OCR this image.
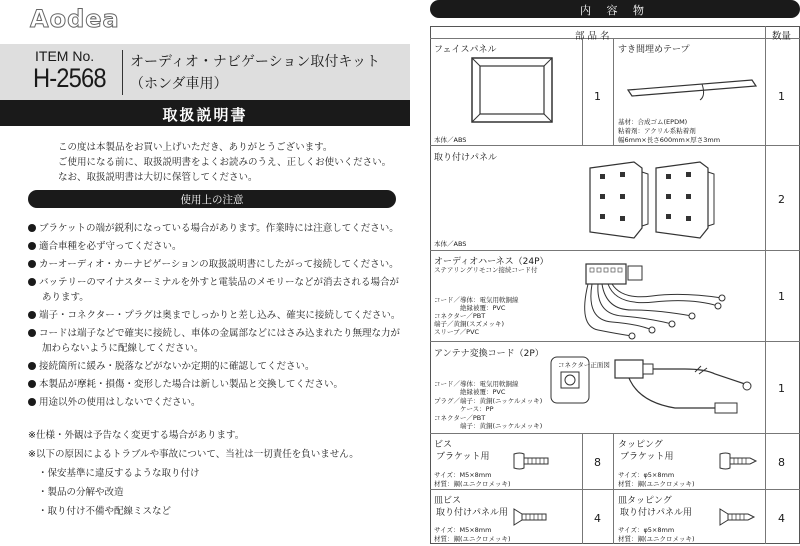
Aodea
ITEM No.
H-2568
オーディオ・ナビゲーション取付キット
（ホンダ車用）
取扱説明書
この度は本製品をお買い上げいただき、ありがとうございます。
ご使用になる前に、取扱説明書をよくお読みのうえ、正しくお使いください。
なお、取扱説明書は大切に保管してください。
使用上の注意
ブラケットの端が鋭利になっている場合があります。作業時には注意してください。
適合車種を必ず守ってください。
カーオーディオ・カーナビゲーションの取扱説明書にしたがって接続してください。
バッテリーのマイナスターミナルを外すと電装品のメモリーなどが消去される場合が
あります。
端子・コネクター・プラグは奥までしっかりと差し込み、確実に接続してください。
コードは端子などで確実に接続し、車体の金属部などにはさみ込まれたり無理な力が
加わらないように配線してください。
接続箇所に緩み・脱落などがないか定期的に確認してください。
本製品が摩耗・損傷・変形した場合は新しい製品と交換してください。
用途以外の使用はしないでください。
※仕様・外観は予告なく変更する場合があります。
※以下の原因によるトラブルや事故について、当社は一切責任を負いません。
・保安基準に違反するような取り付け
・製品の分解や改造
・取り付け不備や配線ミスなど
内 容 物
部 品 名	数量
フェイスパネル
本体／ABS
1
すき間埋めテープ
基材：合成ゴム(EPDM)
粘着剤：アクリル系粘着剤
幅6mm×長さ600mm×厚さ3mm
1
取り付けパネル
本体／ABS
2
オーディオハーネス（24P）
ステアリングリモコン接続コード付
コード／導体：電気用軟銅線
　　　　絶縁被覆：PVC
コネクター／PBT
端子／黄銅(スズメッキ)
スリーブ／PVC
1
アンテナ変換コード（2P）
コネクター正面図
コード／導体：電気用軟銅線
　　　　絶縁被覆：PVC
プラグ／端子：黄銅(ニッケルメッキ)
　　　　ケース：PP
コネクター／PBT
　　　　端子：黄銅(ニッケルメッキ)
1
ビス
ブラケット用
サイズ：M5×8mm
材質：鋼(ユニクロメッキ)
8
タッピング
ブラケット用
サイズ：φ5×8mm
材質：鋼(ユニクロメッキ)
8
皿ビス
取り付けパネル用
サイズ：M5×8mm
材質：鋼(ユニクロメッキ)
4
皿タッピング
取り付けパネル用
サイズ：φ5×8mm
材質：鋼(ユニクロメッキ)
4
